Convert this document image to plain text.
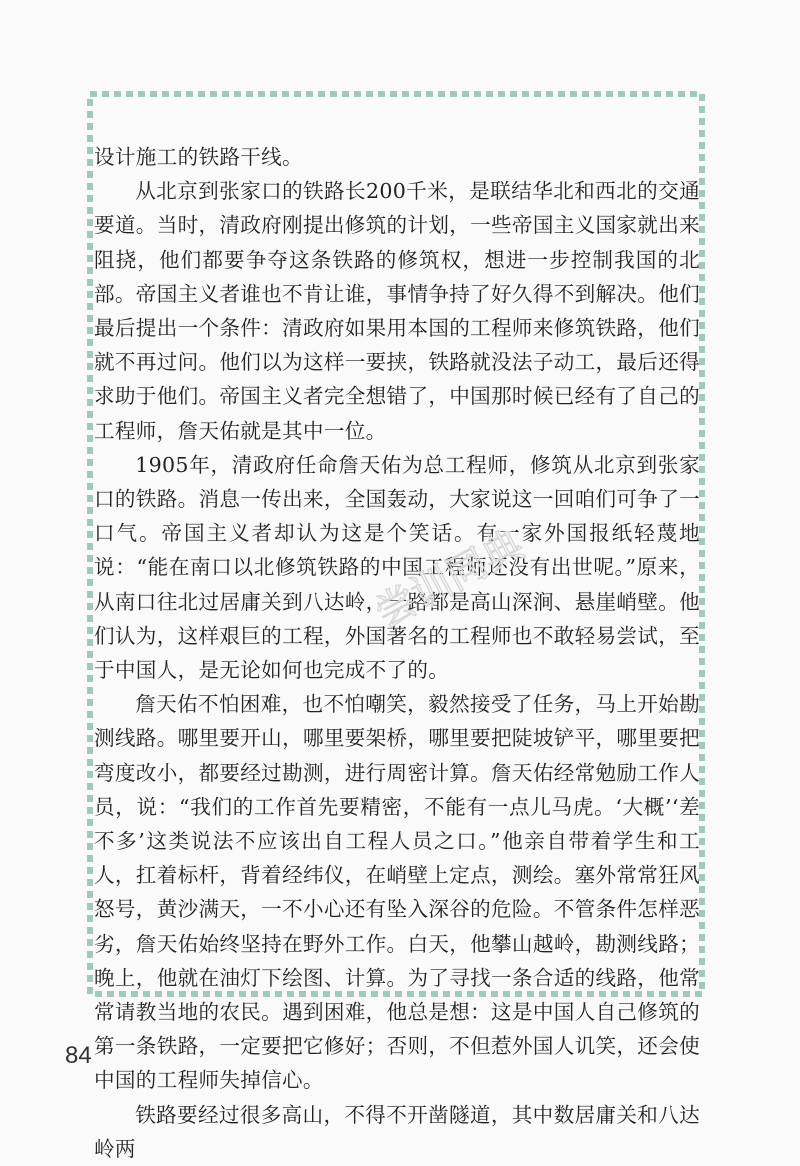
设计施工的铁路干线。

从北京到张家口的铁路长200千米，是联结华北和西北的交通要道。当时，清政府刚提出修筑的计划，一些帝国主义国家就出来阻挠，他们都要争夺这条铁路的修筑权，想进一步控制我国的北部。帝国主义者谁也不肯让谁，事情争持了好久得不到解决。他们最后提出一个条件：清政府如果用本国的工程师来修筑铁路，他们就不再过问。他们以为这样一要挟，铁路就没法子动工，最后还得求助于他们。帝国主义者完全想错了，中国那时候已经有了自己的工程师，詹天佑就是其中一位。

1905年，清政府任命詹天佑为总工程师，修筑从北京到张家口的铁路。消息一传出来，全国轰动，大家说这一回咱们可争了一口气。帝国主义者却认为这是个笑话。有一家外国报纸轻蔑地说：“能在南口以北修筑铁路的中国工程师还没有出世呢。”原来，从南口往北过居庸关到八达岭，一路都是高山深涧、悬崖峭壁。他们认为，这样艰巨的工程，外国著名的工程师也不敢轻易尝试，至于中国人，是无论如何也完成不了的。

詹天佑不怕困难，也不怕嘲笑，毅然接受了任务，马上开始勘测线路。哪里要开山，哪里要架桥，哪里要把陡坡铲平，哪里要把弯度改小，都要经过勘测，进行周密计算。詹天佑经常勉励工作人员，说：“我们的工作首先要精密，不能有一点儿马虎。‘大概’‘差不多’这类说法不应该出自工程人员之口。”他亲自带着学生和工人，扛着标杆，背着经纬仪，在峭壁上定点，测绘。塞外常常狂风怒号，黄沙满天，一不小心还有坠入深谷的危险。不管条件怎样恶劣，詹天佑始终坚持在野外工作。白天，他攀山越岭，勘测线路；晚上，他就在油灯下绘图、计算。为了寻找一条合适的线路，他常常请教当地的农民。遇到困难，他总是想：这是中国人自己修筑的第一条铁路，一定要把它修好；否则，不但惹外国人讥笑，还会使中国的工程师失掉信心。

铁路要经过很多高山，不得不开凿隧道，其中数居庸关和八达岭两

尝训同典
84
